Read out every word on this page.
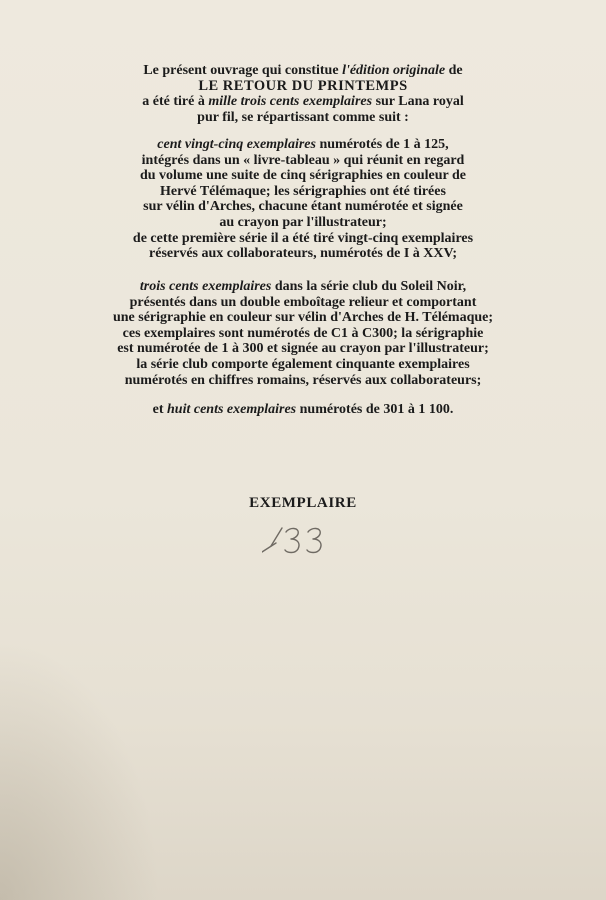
Le présent ouvrage qui constitue l'édition originale de
LE RETOUR DU PRINTEMPS
a été tiré à mille trois cents exemplaires sur Lana royal
pur fil, se répartissant comme suit :
cent vingt-cinq exemplaires numérotés de 1 à 125,
intégrés dans un « livre-tableau » qui réunit en regard
du volume une suite de cinq sérigraphies en couleur de
Hervé Télémaque; les sérigraphies ont été tirées
sur vélin d'Arches, chacune étant numérotée et signée
au crayon par l'illustrateur;
de cette première série il a été tiré vingt-cinq exemplaires
réservés aux collaborateurs, numérotés de I à XXV;
trois cents exemplaires dans la série club du Soleil Noir,
présentés dans un double emboîtage relieur et comportant
une sérigraphie en couleur sur vélin d'Arches de H. Télémaque;
ces exemplaires sont numérotés de C1 à C300; la sérigraphie
est numérotée de 1 à 300 et signée au crayon par l'illustrateur;
la série club comporte également cinquante exemplaires
numérotés en chiffres romains, réservés aux collaborateurs;
et huit cents exemplaires numérotés de 301 à 1 100.
EXEMPLAIRE
